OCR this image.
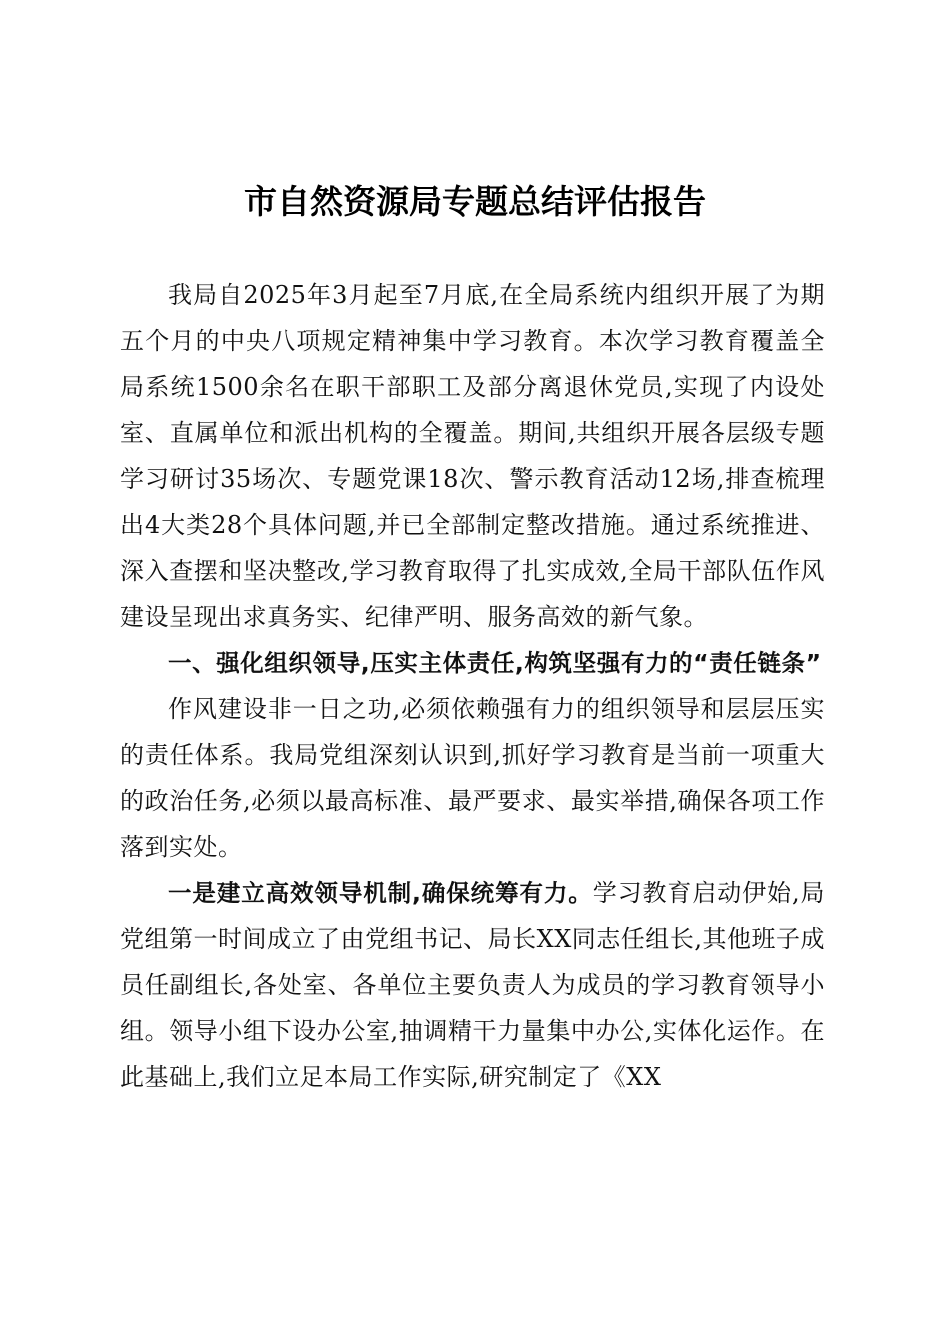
市自然资源局专题总结评估报告

我局自2025年3月起至7月底,在全局系统内组织开展了为期五个月的中央八项规定精神集中学习教育。本次学习教育覆盖全局系统1500余名在职干部职工及部分离退休党员,实现了内设处室、直属单位和派出机构的全覆盖。期间,共组织开展各层级专题学习研讨35场次、专题党课18次、警示教育活动12场,排查梳理出4大类28个具体问题,并已全部制定整改措施。通过系统推进、深入查摆和坚决整改,学习教育取得了扎实成效,全局干部队伍作风建设呈现出求真务实、纪律严明、服务高效的新气象。

一、强化组织领导,压实主体责任,构筑坚强有力的“责任链条”

作风建设非一日之功,必须依赖强有力的组织领导和层层压实的责任体系。我局党组深刻认识到,抓好学习教育是当前一项重大的政治任务,必须以最高标准、最严要求、最实举措,确保各项工作落到实处。

一是建立高效领导机制,确保统筹有力。学习教育启动伊始,局党组第一时间成立了由党组书记、局长XX同志任组长,其他班子成员任副组长,各处室、各单位主要负责人为成员的学习教育领导小组。领导小组下设办公室,抽调精干力量集中办公,实体化运作。在此基础上,我们立足本局工作实际,研究制定了《XX
